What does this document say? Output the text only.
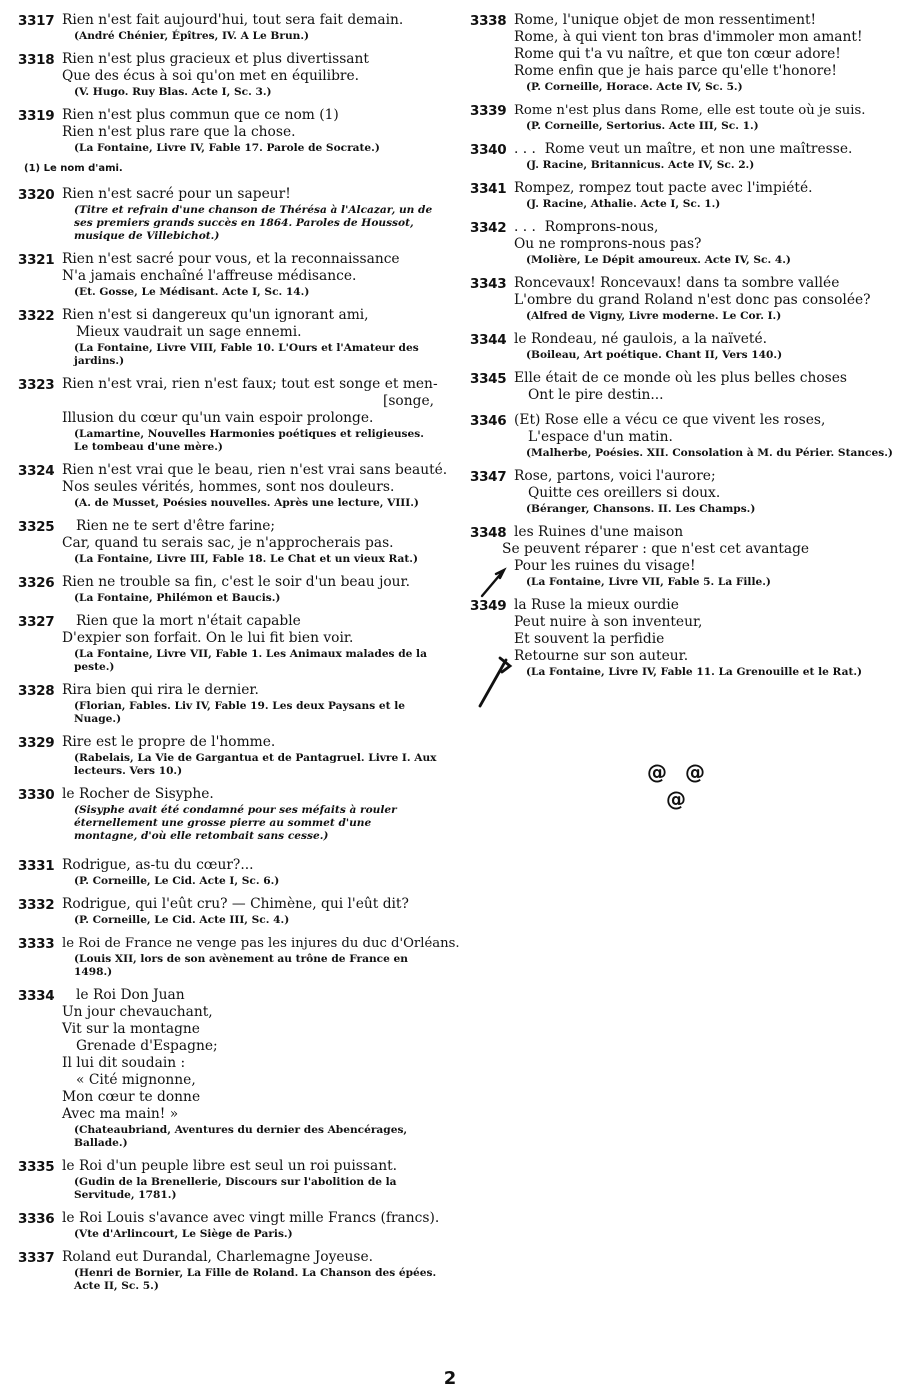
3317 Rien n'est fait aujourd'hui, tout sera fait demain.
(André Chénier, Épîtres, IV. A Le Brun.)
3318 Rien n'est plus gracieux et plus divertissant
Que des écus à soi qu'on met en équilibre.
(V. Hugo. Ruy Blas. Acte I, Sc. 3.)
3319 Rien n'est plus commun que ce nom (1)
Rien n'est plus rare que la chose.
(La Fontaine, Livre IV, Fable 17. Parole de Socrate.)
(1) Le nom d'ami.
3320 Rien n'est sacré pour un sapeur!
(Titre et refrain d'une chanson de Thérésa à l'Alcazar, un de ses premiers grands succès en 1864. Paroles de Houssot, musique de Villebichot.)
3321 Rien n'est sacré pour vous, et la reconnaissance
N'a jamais enchaîné l'affreuse médisance.
(Et. Gosse, Le Médisant. Acte I, Sc. 14.)
3322 Rien n'est si dangereux qu'un ignorant ami,
Mieux vaudrait un sage ennemi.
(La Fontaine, Livre VIII, Fable 10. L'Ours et l'Amateur des jardins.)
3323 Rien n'est vrai, rien n'est faux; tout est songe et men-
[songe,
Illusion du cœur qu'un vain espoir prolonge.
(Lamartine, Nouvelles Harmonies poétiques et religieuses. Le tombeau d'une mère.)
3324 Rien n'est vrai que le beau, rien n'est vrai sans beauté.
Nos seules vérités, hommes, sont nos douleurs.
(A. de Musset, Poésies nouvelles. Après une lecture, VIII.)
3325	Rien ne te sert d'être farine;
Car, quand tu serais sac, je n'approcherais pas.
(La Fontaine, Livre III, Fable 18. Le Chat et un vieux Rat.)
3326 Rien ne trouble sa fin, c'est le soir d'un beau jour.
(La Fontaine, Philémon et Baucis.)
3327	Rien que la mort n'était capable
D'expier son forfait. On le lui fit bien voir.
(La Fontaine, Livre VII, Fable 1. Les Animaux malades de la peste.)
3328 Rira bien qui rira le dernier.
(Florian, Fables. Liv IV, Fable 19. Les deux Paysans et le Nuage.)
3329 Rire est le propre de l'homme.
(Rabelais, La Vie de Gargantua et de Pantagruel. Livre I. Aux lecteurs. Vers 10.)
3330 le Rocher de Sisyphe.
(Sisyphe avait été condamné pour ses méfaits à rouler éternellement une grosse pierre au sommet d'une montagne, d'où elle retombait sans cesse.)
3331 Rodrigue, as-tu du cœur?...
(P. Corneille, Le Cid. Acte I, Sc. 6.)
3332 Rodrigue, qui l'eût cru? — Chimène, qui l'eût dit?
(P. Corneille, Le Cid. Acte III, Sc. 4.)
3333 le Roi de France ne venge pas les injures du duc d'Orléans.
(Louis XII, lors de son avènement au trône de France en 1498.)
3334	le Roi Don Juan
Un jour chevauchant,
Vit sur la montagne
Grenade d'Espagne;
Il lui dit soudain :
« Cité mignonne,
Mon cœur te donne
Avec ma main! »
(Chateaubriand, Aventures du dernier des Abencérages, Ballade.)
3335 le Roi d'un peuple libre est seul un roi puissant.
(Gudin de la Brenellerie, Discours sur l'abolition de la Servitude, 1781.)
3336 le Roi Louis s'avance avec vingt mille Francs (francs).
(Vte d'Arlincourt, Le Siège de Paris.)
3337 Roland eut Durandal, Charlemagne Joyeuse.
(Henri de Bornier, La Fille de Roland. La Chanson des épées. Acte II, Sc. 5.)
3338 Rome, l'unique objet de mon ressentiment!
Rome, à qui vient ton bras d'immoler mon amant!
Rome qui t'a vu naître, et que ton cœur adore!
Rome enfin que je hais parce qu'elle t'honore!
(P. Corneille, Horace. Acte IV, Sc. 5.)
3339 Rome n'est plus dans Rome, elle est toute où je suis.
(P. Corneille, Sertorius. Acte III, Sc. 1.)
3340 . . .  Rome veut un maître, et non une maîtresse.
(J. Racine, Britannicus. Acte IV, Sc. 2.)
3341 Rompez, rompez tout pacte avec l'impiété.
(J. Racine, Athalie. Acte I, Sc. 1.)
3342 . . .  Romprons-nous,
Ou ne romprons-nous pas?
(Molière, Le Dépit amoureux. Acte IV, Sc. 4.)
3343 Roncevaux! Roncevaux! dans ta sombre vallée
L'ombre du grand Roland n'est donc pas consolée?
(Alfred de Vigny, Livre moderne. Le Cor. I.)
3344 le Rondeau, né gaulois, a la naïveté.
(Boileau, Art poétique. Chant II, Vers 140.)
3345 Elle était de ce monde où les plus belles choses
Ont le pire destin...
3346 (Et) Rose elle a vécu ce que vivent les roses,
L'espace d'un matin.
(Malherbe, Poésies. XII. Consolation à M. du Périer. Stances.)
3347 Rose, partons, voici l'aurore;
Quitte ces oreillers si doux.
(Béranger, Chansons. II. Les Champs.)
3348 les Ruines d'une maison
Se peuvent réparer : que n'est cet avantage
Pour les ruines du visage!
(La Fontaine, Livre VII, Fable 5. La Fille.)
3349 la Ruse la mieux ourdie
Peut nuire à son inventeur,
Et souvent la perfidie
Retourne sur son auteur.
(La Fontaine, Livre IV, Fable 11. La Grenouille et le Rat.)
@ @
@
2
